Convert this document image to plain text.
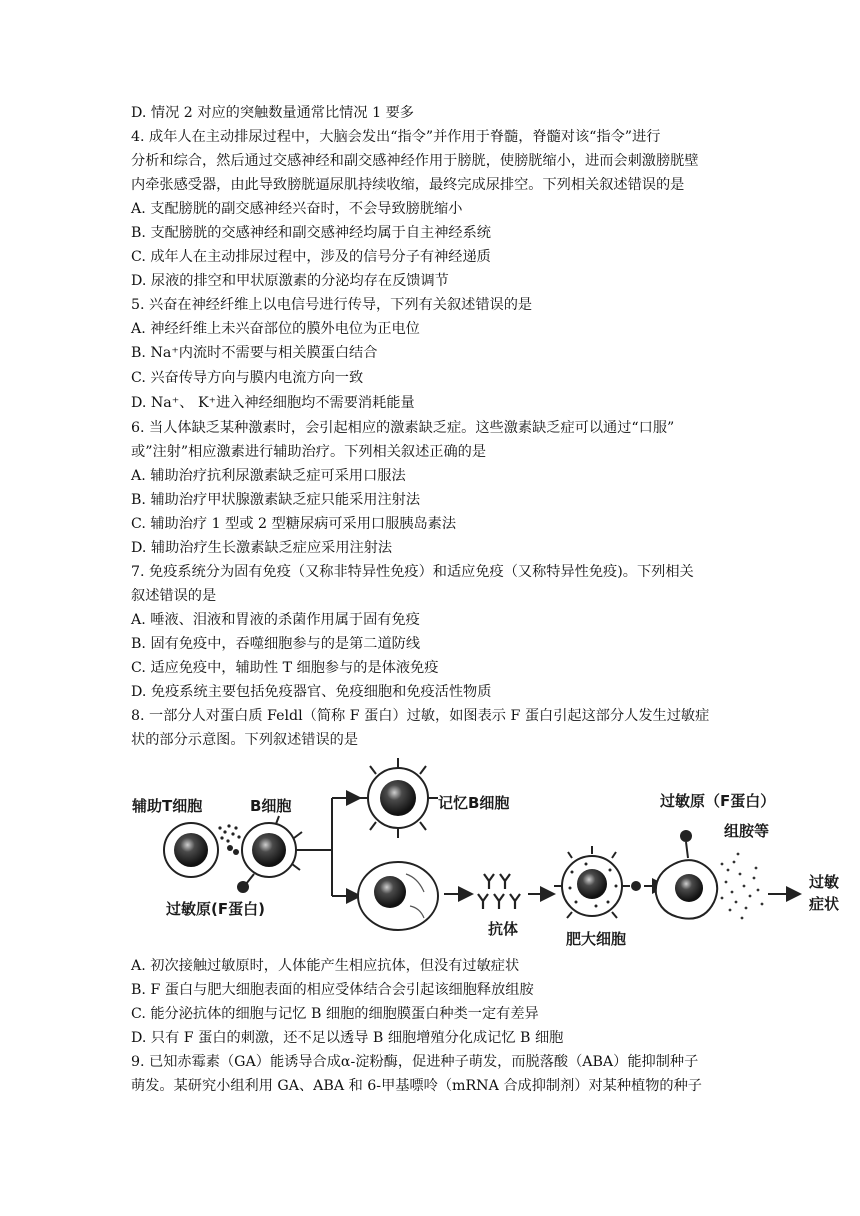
D. 情况 2 对应的突触数量通常比情况 1 要多
4. 成年人在主动排尿过程中，大脑会发出“指令”并作用于脊髓，脊髓对该“指令”进行
分析和综合，然后通过交感神经和副交感神经作用于膀胱，使膀胱缩小，进而会刺激膀胱壁
内牵张感受器，由此导致膀胱逼尿肌持续收缩，最终完成尿排空。下列相关叙述错误的是
A. 支配膀胱的副交感神经兴奋时，不会导致膀胱缩小
B. 支配膀胱的交感神经和副交感神经均属于自主神经系统
C. 成年人在主动排尿过程中，涉及的信号分子有神经递质
D. 尿液的排空和甲状原激素的分泌均存在反馈调节
5. 兴奋在神经纤维上以电信号进行传导，下列有关叙述错误的是
A. 神经纤维上未兴奋部位的膜外电位为正电位
B. Na⁺内流时不需要与相关膜蛋白结合
C. 兴奋传导方向与膜内电流方向一致
D. Na⁺、 K⁺进入神经细胞均不需要消耗能量
6. 当人体缺乏某种激素时，会引起相应的激素缺乏症。这些激素缺乏症可以通过“口服”
或”注射”相应激素进行辅助治疗。下列相关叙述正确的是
A. 辅助治疗抗利尿激素缺乏症可采用口服法
B. 辅助治疗甲状腺激素缺乏症只能采用注射法
C. 辅助治疗 1 型或 2 型糖尿病可采用口服胰岛素法
D. 辅助治疗生长激素缺乏症应采用注射法
7. 免疫系统分为固有免疫（又称非特异性免疫）和适应免疫（又称特异性免疫)。下列相关
叙述错误的是
A. 唾液、泪液和胃液的杀菌作用属于固有免疫
B. 固有免疫中，吞噬细胞参与的是第二道防线
C. 适应免疫中，辅助性 T 细胞参与的是体液免疫
D. 免疫系统主要包括免疫器官、免疫细胞和免疫活性物质
8. 一部分人对蛋白质 Feldl（简称 F 蛋白）过敏，如图表示 F 蛋白引起这部分人发生过敏症
状的部分示意图。下列叙述错误的是
辅助T细胞	B细胞
过敏原(F蛋白)
记忆B细胞
抗体
肥大细胞
过敏原（F蛋白）
组胺等
过敏
症状
A. 初次接触过敏原时，人体能产生相应抗体，但没有过敏症状
B. F 蛋白与肥大细胞表面的相应受体结合会引起该细胞释放组胺
C. 能分泌抗体的细胞与记忆 B 细胞的细胞膜蛋白种类一定有差异
D. 只有 F 蛋白的刺激，还不足以透导 B 细胞增殖分化成记忆 B 细胞
9. 已知赤霉素（GA）能诱导合成α-淀粉酶，促进种子萌发，而脱落酸（ABA）能抑制种子
萌发。某研究小组利用 GA、ABA 和 6-甲基嘌呤（mRNA 合成抑制剂）对某种植物的种子
